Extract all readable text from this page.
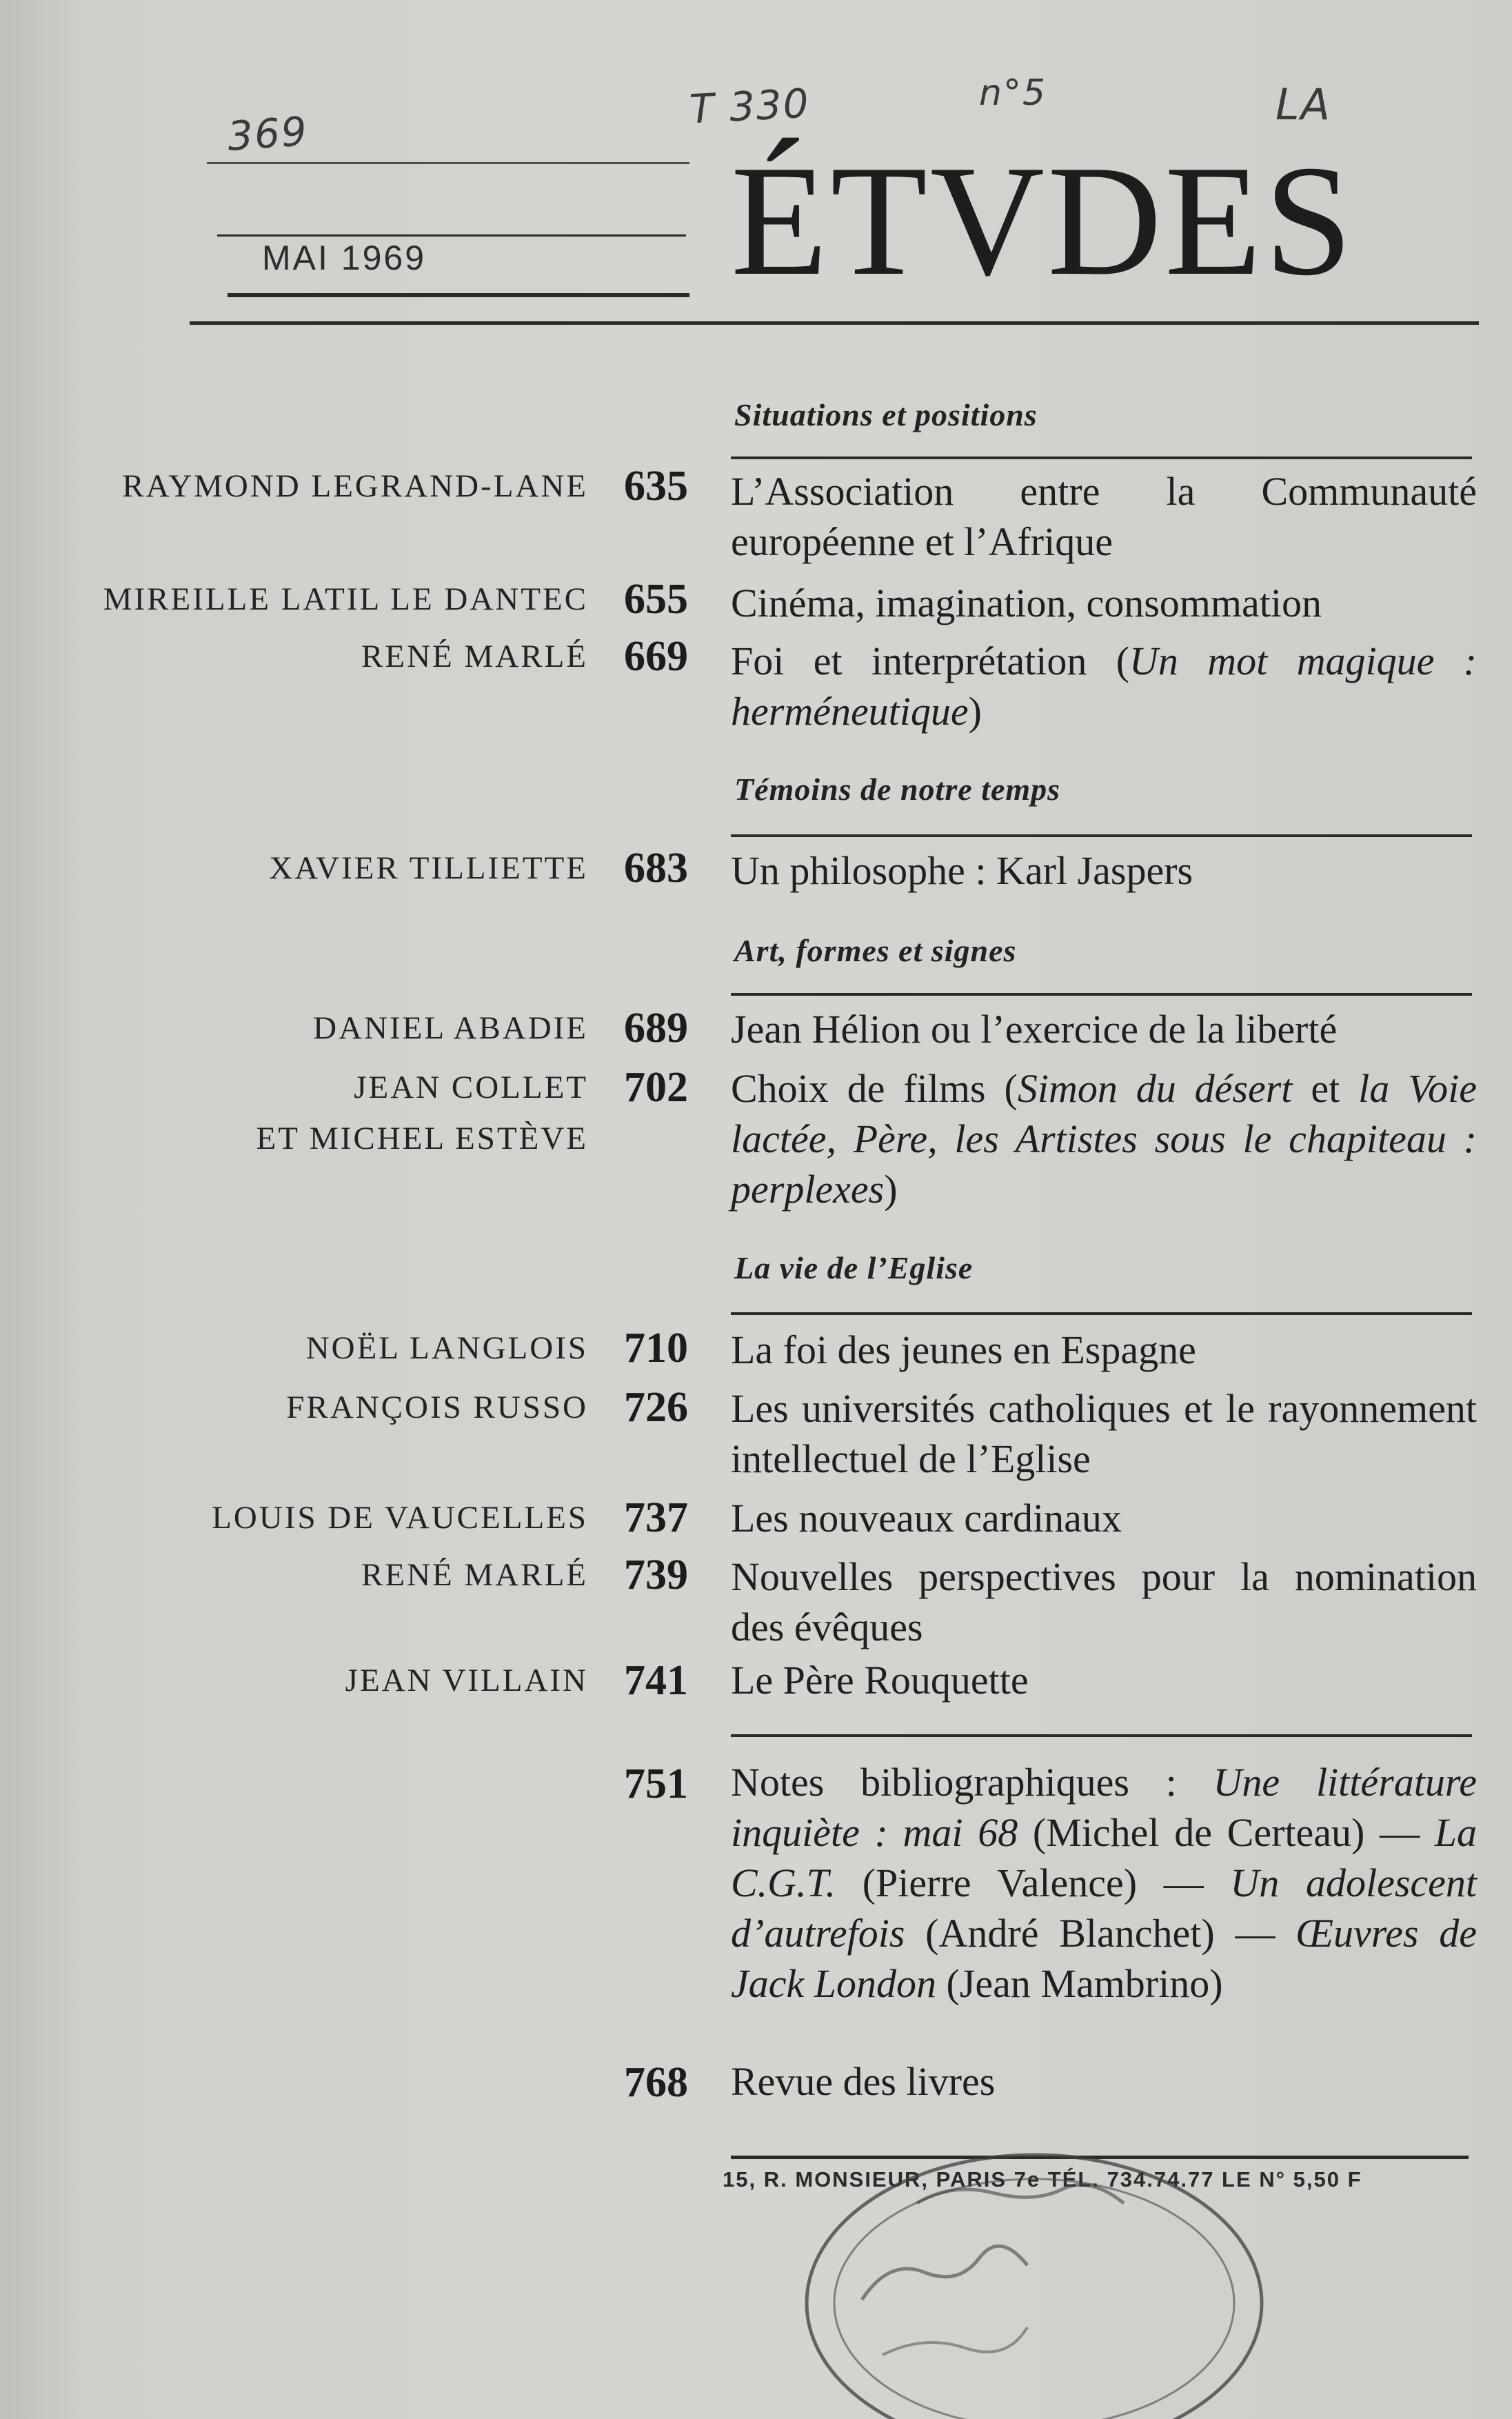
369
T 330	n°5	LA
MAI 1969 ÉTVDES
Situations et positions
RAYMOND LEGRAND-LANE 635 L’Association entre la Communauté européenne et l’Afrique
MIREILLE LATIL LE DANTEC 655 Cinéma, imagination, consommation
RENÉ MARLÉ 669 Foi et interprétation (Un mot magique : herméneutique)
Témoins de notre temps
XAVIER TILLIETTE 683 Un philosophe : Karl Jaspers
Art, formes et signes
DANIEL ABADIE 689 Jean Hélion ou l’exercice de la liberté
JEAN COLLET
ET MICHEL ESTÈVE
702 Choix de films (Simon du désert et la Voie lactée, Père, les Artistes sous le chapiteau : perplexes)
La vie de l’Eglise
NOËL LANGLOIS 710 La foi des jeunes en Espagne
FRANÇOIS RUSSO 726 Les universités catholiques et le rayonnement intellectuel de l’Eglise
LOUIS DE VAUCELLES 737 Les nouveaux cardinaux
RENÉ MARLÉ 739 Nouvelles perspectives pour la nomination des évêques
JEAN VILLAIN 741 Le Père Rouquette
751 Notes bibliographiques : Une littérature inquiète : mai 68 (Michel de Certeau) — La C.G.T. (Pierre Valence) — Un adolescent d’autrefois (André Blanchet) — Œuvres de Jack London (Jean Mambrino)
768 Revue des livres
15, R. MONSIEUR, PARIS 7e TÉL. 734.74.77 LE N° 5,50 F
